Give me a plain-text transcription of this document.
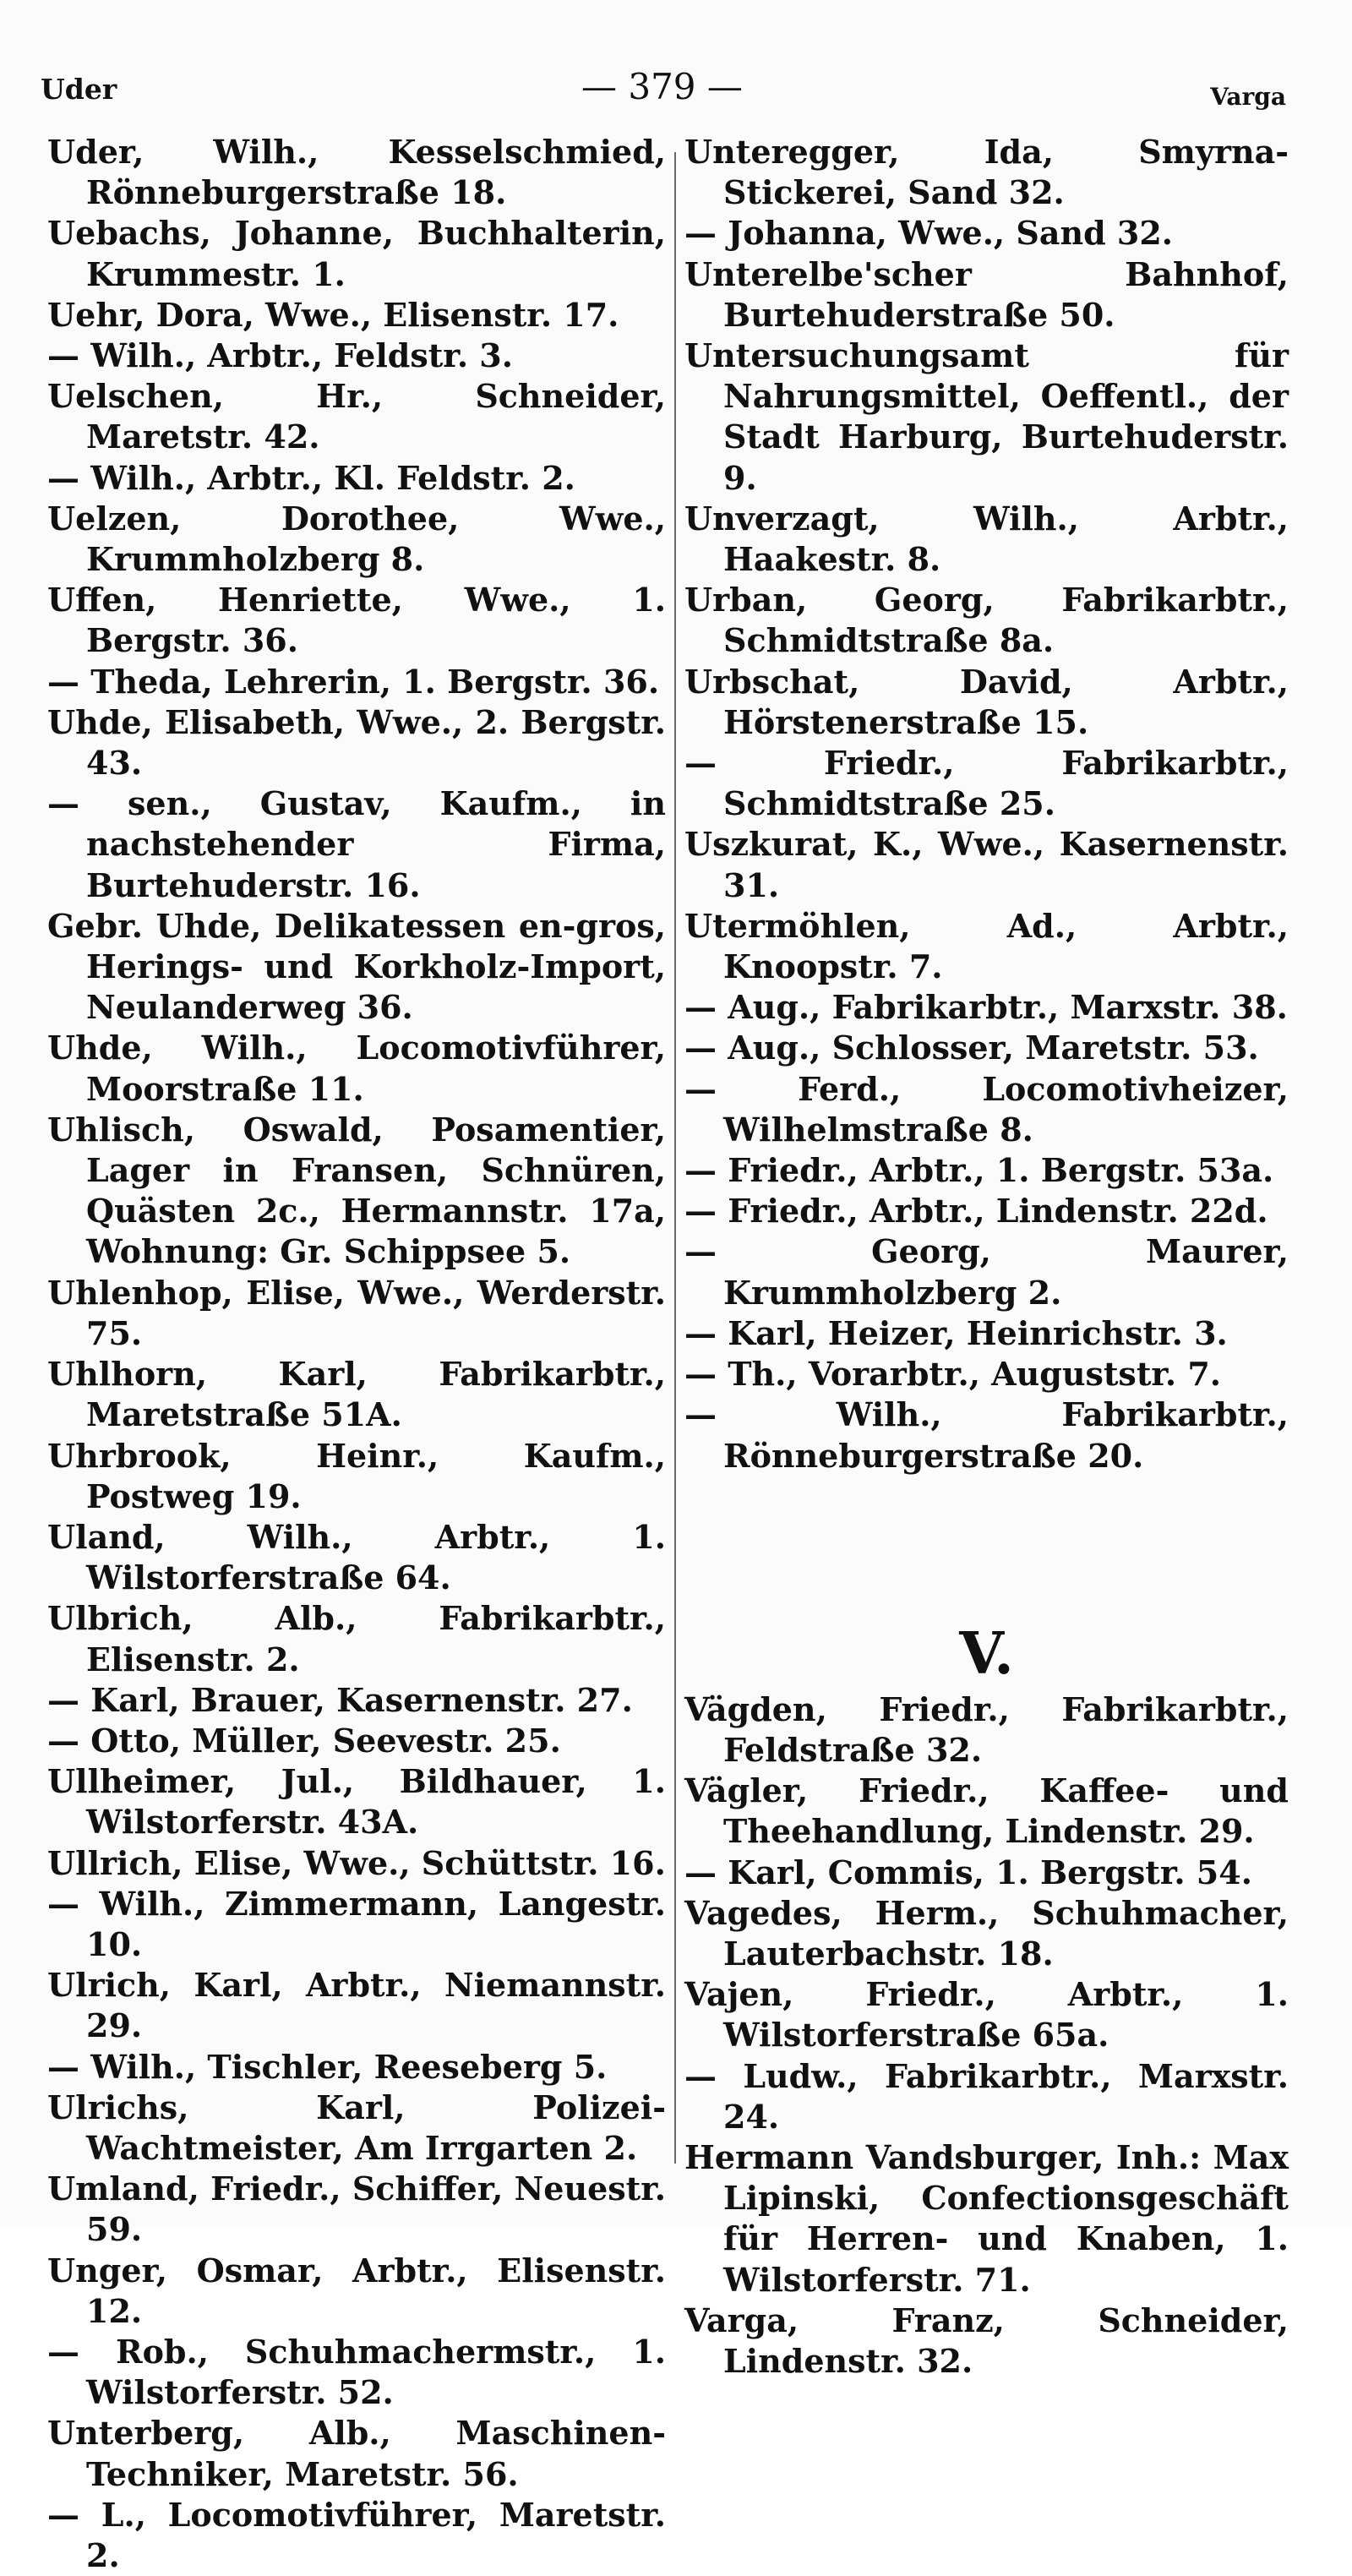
Uder	— 379 —	Varga

Uder, Wilh., Kesselschmied, Rönneburgerstraße 18.

Uebachs, Johanne, Buchhalterin, Krummestr. 1.

Uehr, Dora, Wwe., Elisenstr. 17.

— Wilh., Arbtr., Feldstr. 3.

Uelschen, Hr., Schneider, Maretstr. 42.

— Wilh., Arbtr., Kl. Feldstr. 2.

Uelzen, Dorothee, Wwe., Krummholzberg 8.

Uffen, Henriette, Wwe., 1. Bergstr. 36.

— Theda, Lehrerin, 1. Bergstr. 36.

Uhde, Elisabeth, Wwe., 2. Bergstr. 43.

— sen., Gustav, Kaufm., in nachstehender Firma, Burtehuderstr. 16.

Gebr. Uhde, Delikatessen en-gros, Herings- und Korkholz-Import, Neulanderweg 36.

Uhde, Wilh., Locomotivführer, Moorstraße 11.

Uhlisch, Oswald, Posamentier, Lager in Fransen, Schnüren, Quästen 2c., Hermannstr. 17a, Wohnung: Gr. Schippsee 5.

Uhlenhop, Elise, Wwe., Werderstr. 75.

Uhlhorn, Karl, Fabrikarbtr., Maretstraße 51A.

Uhrbrook, Heinr., Kaufm., Postweg 19.

Uland, Wilh., Arbtr., 1. Wilstorferstraße 64.

Ulbrich, Alb., Fabrikarbtr., Elisenstr. 2.

— Karl, Brauer, Kasernenstr. 27.

— Otto, Müller, Seevestr. 25.

Ullheimer, Jul., Bildhauer, 1. Wilstorferstr. 43A.

Ullrich, Elise, Wwe., Schüttstr. 16.

— Wilh., Zimmermann, Langestr. 10.

Ulrich, Karl, Arbtr., Niemannstr. 29.

— Wilh., Tischler, Reeseberg 5.

Ulrichs, Karl, Polizei-Wachtmeister, Am Irrgarten 2.

Umland, Friedr., Schiffer, Neuestr. 59.

Unger, Osmar, Arbtr., Elisenstr. 12.

— Rob., Schuhmachermstr., 1. Wilstorferstr. 52.

Unterberg, Alb., Maschinen-Techniker, Maretstr. 56.

— L., Locomotivführer, Maretstr. 2.

Unteregger, Ida, Smyrna-Stickerei, Sand 32.

— Johanna, Wwe., Sand 32.

Unterelbe'scher Bahnhof, Burtehuderstraße 50.

Untersuchungsamt für Nahrungsmittel, Oeffentl., der Stadt Harburg, Burtehuderstr. 9.

Unverzagt, Wilh., Arbtr., Haakestr. 8.

Urban, Georg, Fabrikarbtr., Schmidtstraße 8a.

Urbschat, David, Arbtr., Hörstenerstraße 15.

— Friedr., Fabrikarbtr., Schmidtstraße 25.

Uszkurat, K., Wwe., Kasernenstr. 31.

Utermöhlen, Ad., Arbtr., Knoopstr. 7.

— Aug., Fabrikarbtr., Marxstr. 38.

— Aug., Schlosser, Maretstr. 53.

— Ferd., Locomotivheizer, Wilhelmstraße 8.

— Friedr., Arbtr., 1. Bergstr. 53a.

— Friedr., Arbtr., Lindenstr. 22d.

— Georg, Maurer, Krummholzberg 2.

— Karl, Heizer, Heinrichstr. 3.

— Th., Vorarbtr., Auguststr. 7.

— Wilh., Fabrikarbtr., Rönneburgerstraße 20.

V.

Vägden, Friedr., Fabrikarbtr., Feldstraße 32.

Vägler, Friedr., Kaffee- und Theehandlung, Lindenstr. 29.

— Karl, Commis, 1. Bergstr. 54.

Vagedes, Herm., Schuhmacher, Lauterbachstr. 18.

Vajen, Friedr., Arbtr., 1. Wilstorferstraße 65a.

— Ludw., Fabrikarbtr., Marxstr. 24.

Hermann Vandsburger, Inh.: Max Lipinski, Confectionsgeschäft für Herren- und Knaben, 1. Wilstorferstr. 71.

Varga, Franz, Schneider, Lindenstr. 32.
